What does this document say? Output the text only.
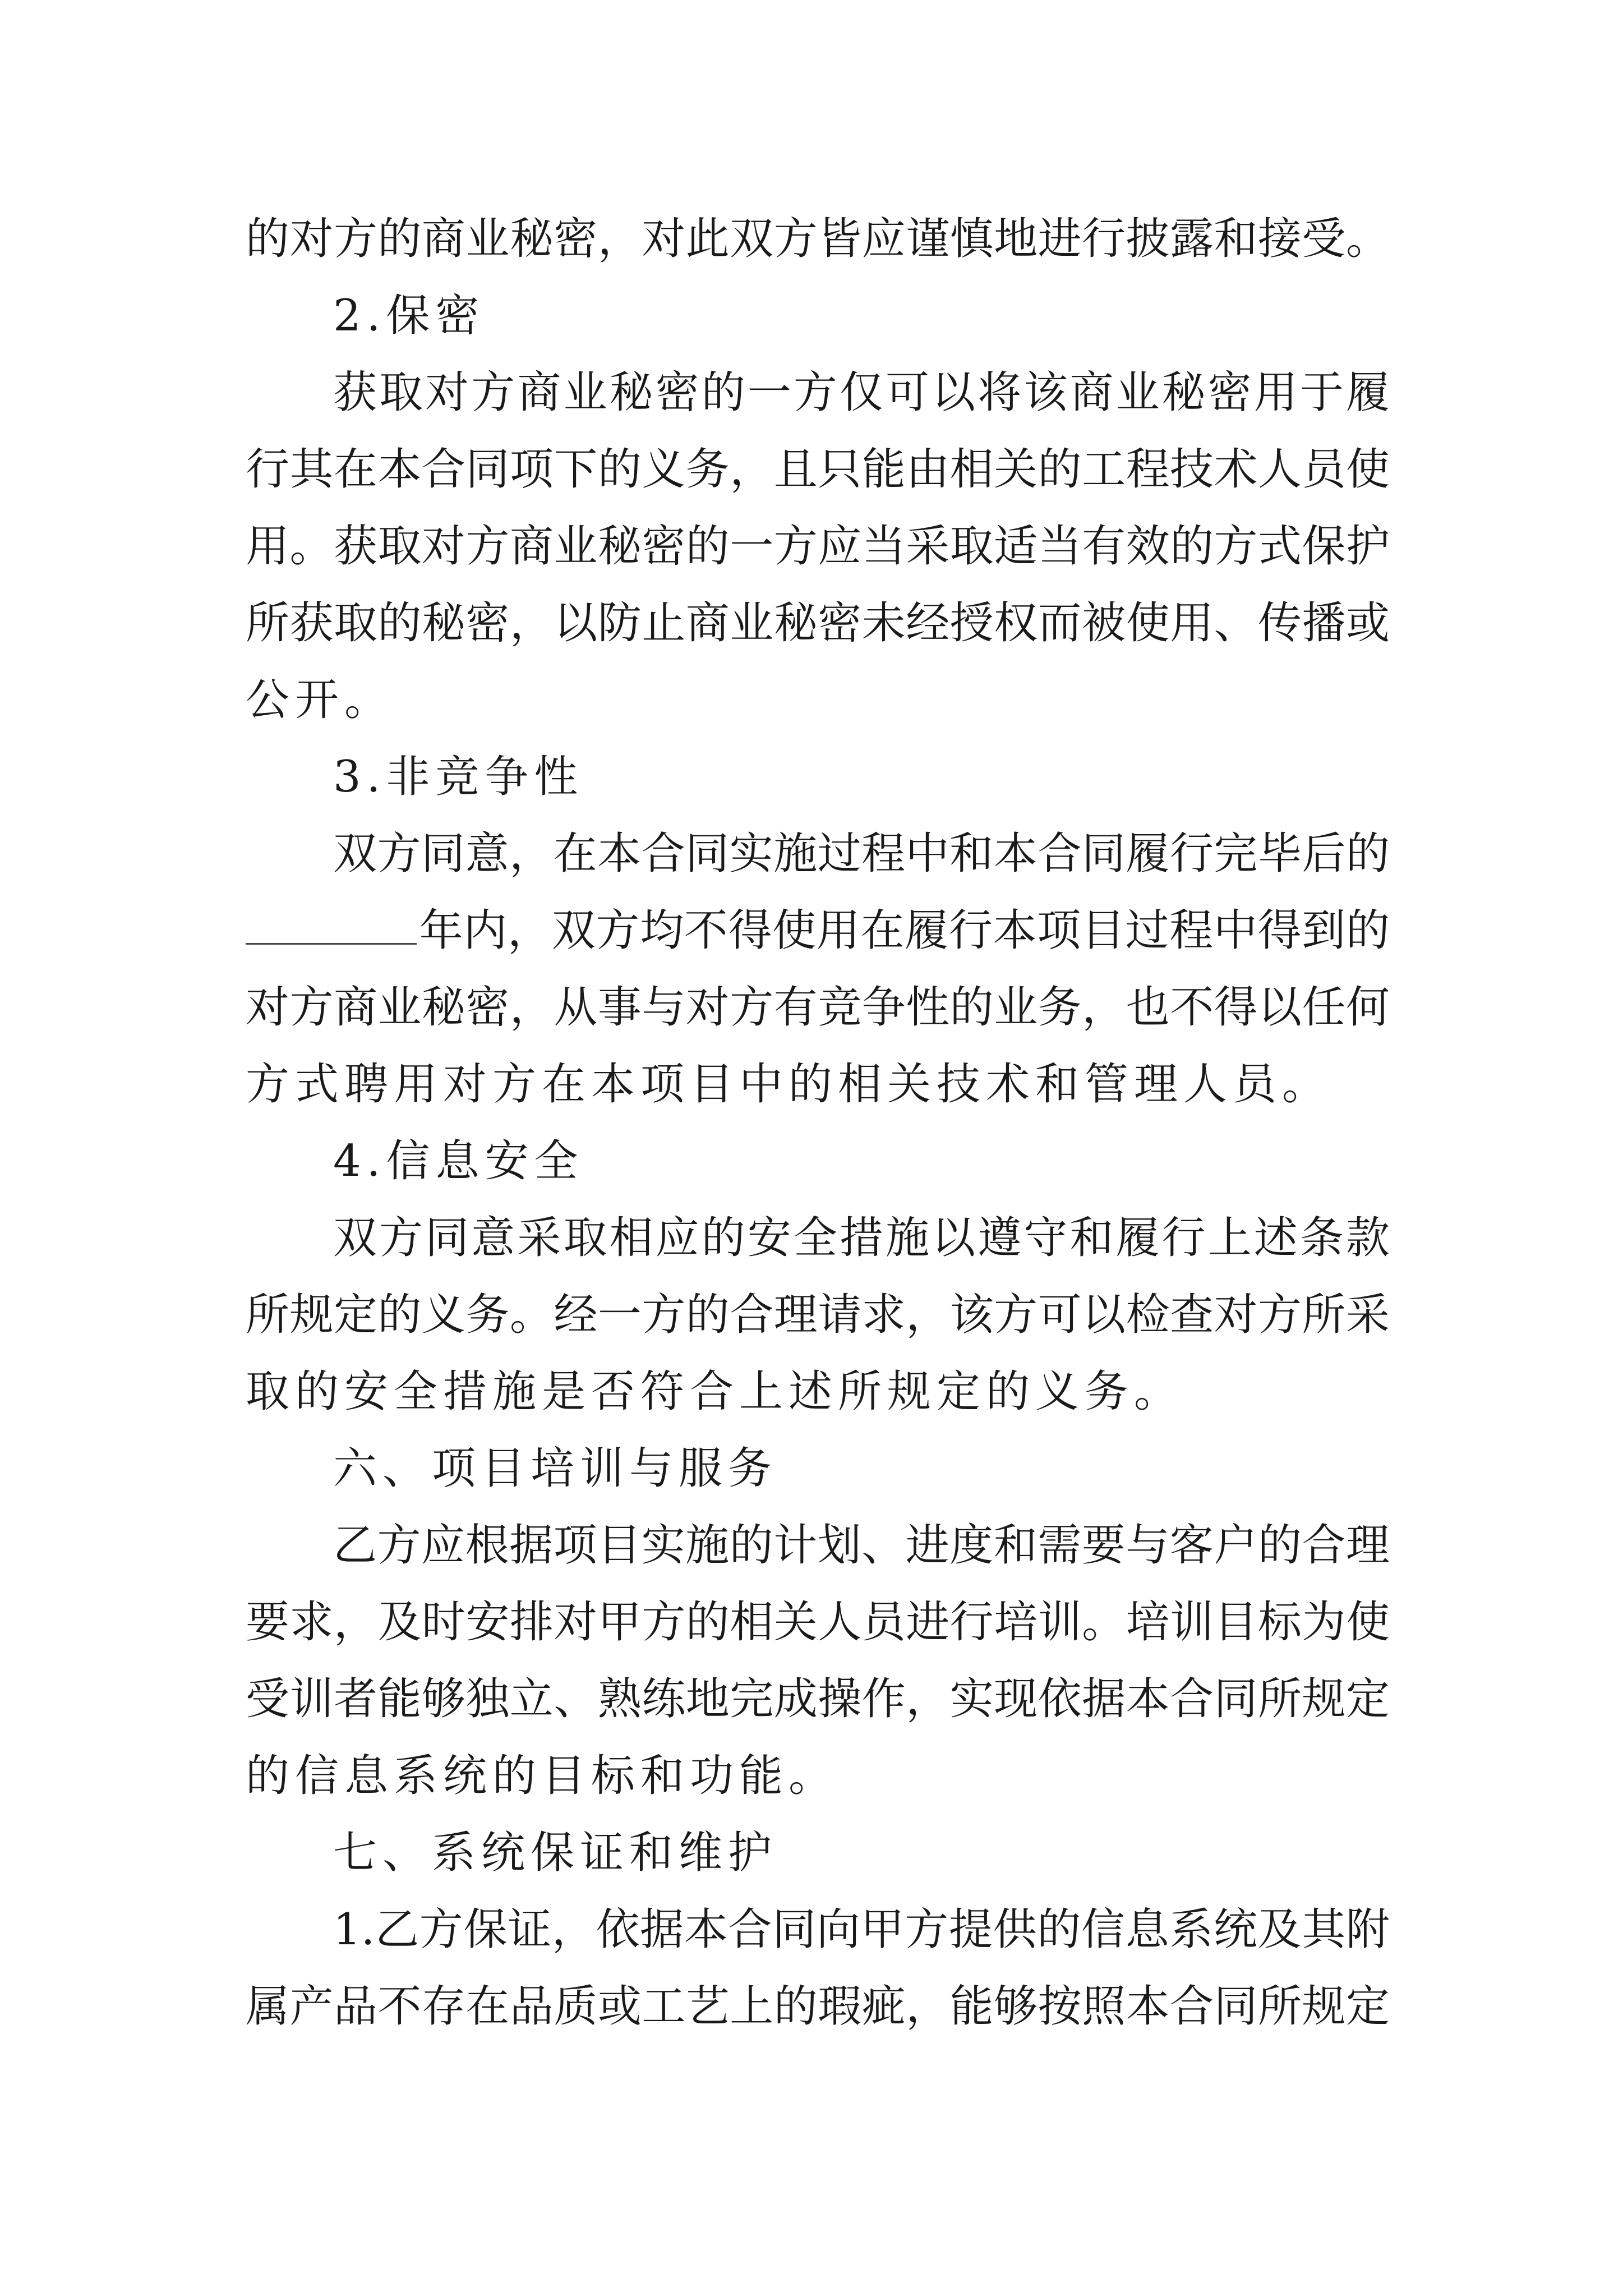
的对方的商业秘密，对此双方皆应谨慎地进行披露和接受。
2.保密
获取对方商业秘密的一方仅可以将该商业秘密用于履
行其在本合同项下的义务，且只能由相关的工程技术人员使
用。获取对方商业秘密的一方应当采取适当有效的方式保护
所获取的秘密，以防止商业秘密未经授权而被使用、传播或
公开。
3.非竞争性
双方同意，在本合同实施过程中和本合同履行完毕后的
年内，双方均不得使用在履行本项目过程中得到的
对方商业秘密，从事与对方有竞争性的业务，也不得以任何
方式聘用对方在本项目中的相关技术和管理人员。
4.信息安全
双方同意采取相应的安全措施以遵守和履行上述条款
所规定的义务。经一方的合理请求，该方可以检查对方所采
取的安全措施是否符合上述所规定的义务。
六、项目培训与服务
乙方应根据项目实施的计划、进度和需要与客户的合理
要求，及时安排对甲方的相关人员进行培训。培训目标为使
受训者能够独立、熟练地完成操作，实现依据本合同所规定
的信息系统的目标和功能。
七、系统保证和维护
1.乙方保证，依据本合同向甲方提供的信息系统及其附
属产品不存在品质或工艺上的瑕疵，能够按照本合同所规定
